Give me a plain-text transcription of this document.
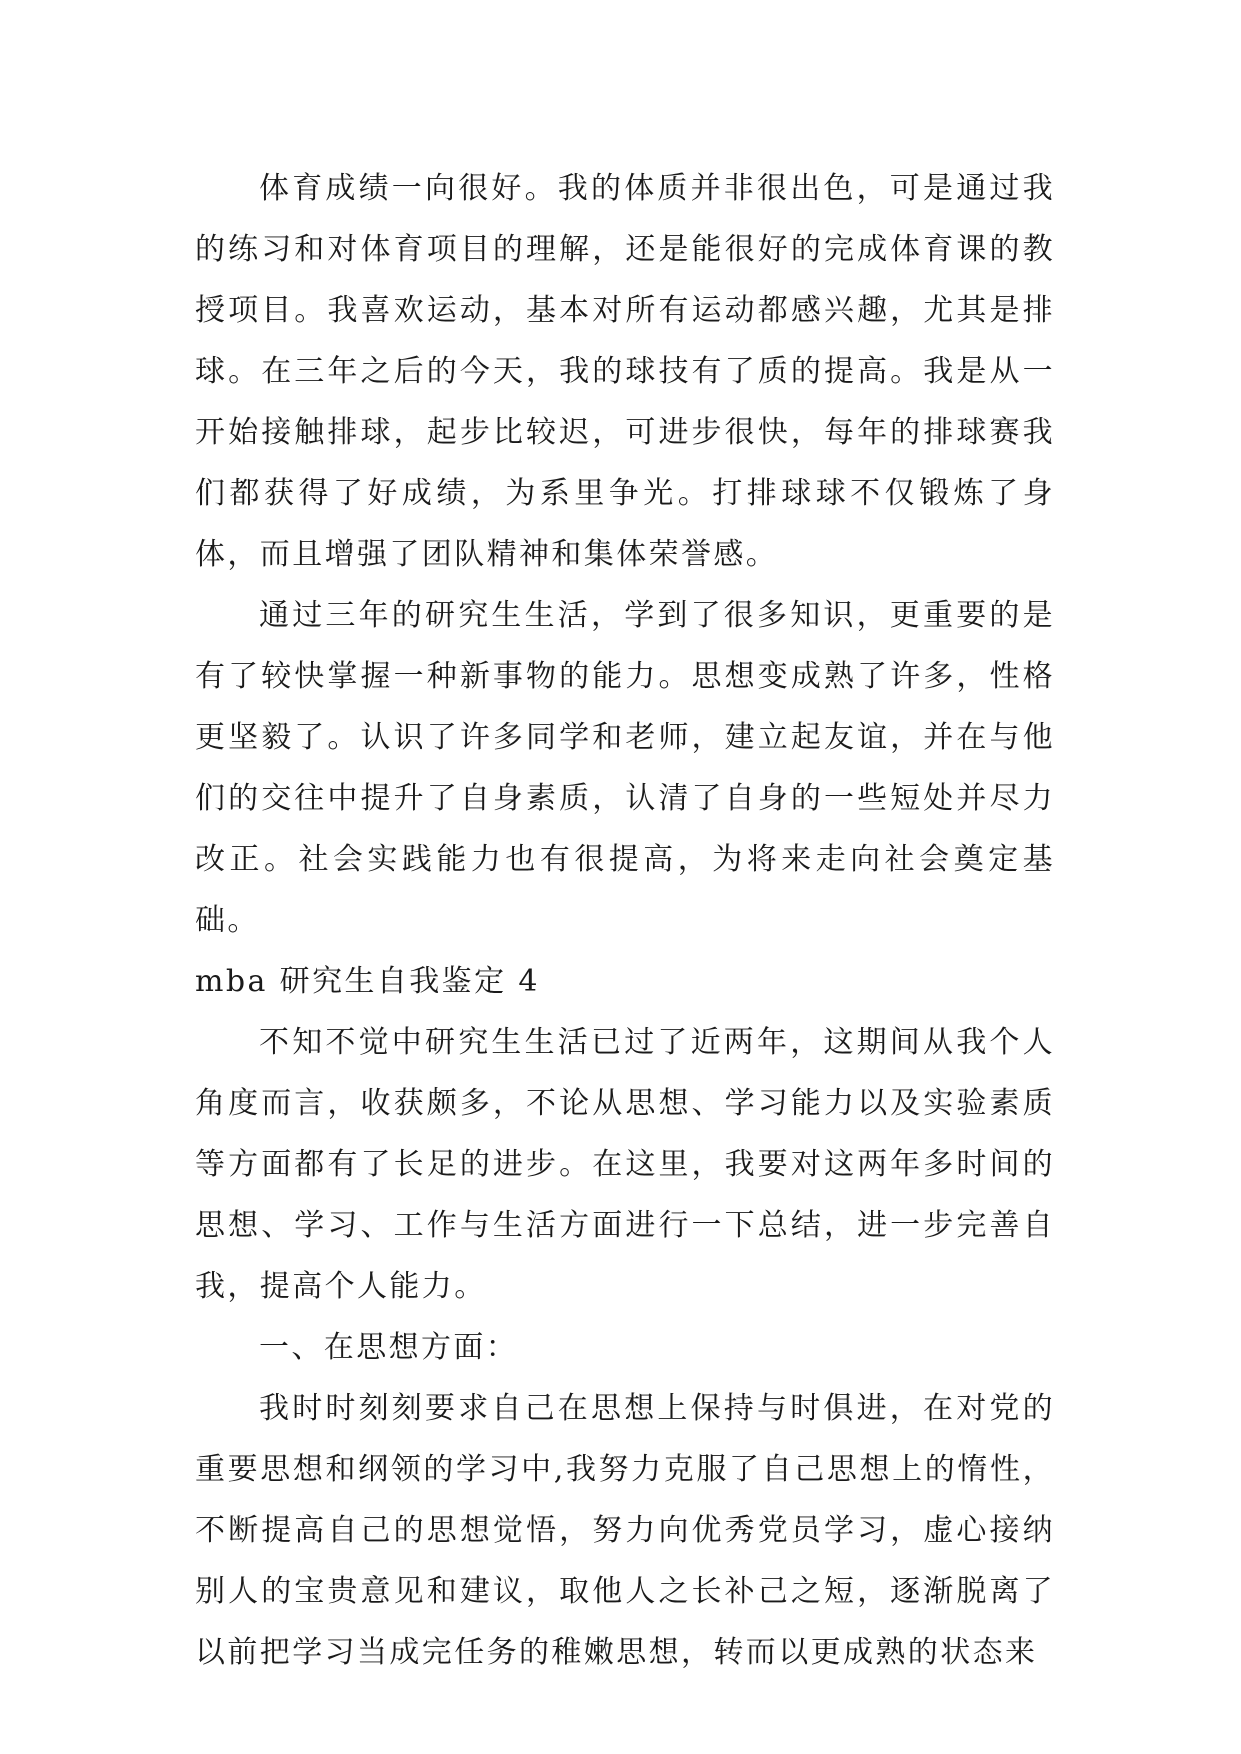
体育成绩一向很好。我的体质并非很出色，可是通过我的练习和对体育项目的理解，还是能很好的完成体育课的教授项目。我喜欢运动，基本对所有运动都感兴趣，尤其是排球。在三年之后的今天，我的球技有了质的提高。我是从一开始接触排球，起步比较迟，可进步很快，每年的排球赛我们都获得了好成绩，为系里争光。打排球球不仅锻炼了身体，而且增强了团队精神和集体荣誉感。

通过三年的研究生生活，学到了很多知识，更重要的是有了较快掌握一种新事物的能力。思想变成熟了许多，性格更坚毅了。认识了许多同学和老师，建立起友谊，并在与他们的交往中提升了自身素质，认清了自身的一些短处并尽力改正。社会实践能力也有很提高，为将来走向社会奠定基础。

mba 研究生自我鉴定 4

不知不觉中研究生生活已过了近两年，这期间从我个人角度而言，收获颇多，不论从思想、学习能力以及实验素质等方面都有了长足的进步。在这里，我要对这两年多时间的思想、学习、工作与生活方面进行一下总结，进一步完善自我，提高个人能力。

一、在思想方面：

我时时刻刻要求自己在思想上保持与时俱进，在对党的重要思想和纲领的学习中,我努力克服了自己思想上的惰性，不断提高自己的思想觉悟，努力向优秀党员学习，虚心接纳别人的宝贵意见和建议，取他人之长补己之短，逐渐脱离了以前把学习当成完任务的稚嫩思想，转而以更成熟的状态来
